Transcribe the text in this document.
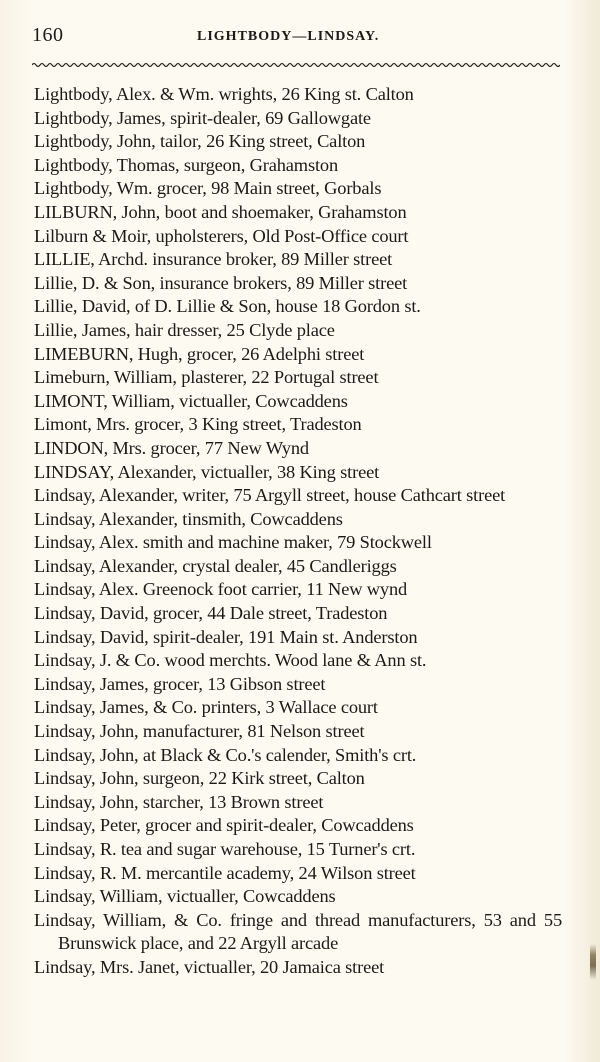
160	LIGHTBODY—LINDSAY.
Lightbody, Alex. & Wm. wrights, 26 King st. Calton
Lightbody, James, spirit-dealer, 69 Gallowgate
Lightbody, John, tailor, 26 King street, Calton
Lightbody, Thomas, surgeon, Grahamston
Lightbody, Wm. grocer, 98 Main street, Gorbals
LILBURN, John, boot and shoemaker, Grahamston
Lilburn & Moir, upholsterers, Old Post-Office court
LILLIE, Archd. insurance broker, 89 Miller street
Lillie, D. & Son, insurance brokers, 89 Miller street
Lillie, David, of D. Lillie & Son, house 18 Gordon st.
Lillie, James, hair dresser, 25 Clyde place
LIMEBURN, Hugh, grocer, 26 Adelphi street
Limeburn, William, plasterer, 22 Portugal street
LIMONT, William, victualler, Cowcaddens
Limont, Mrs. grocer, 3 King street, Tradeston
LINDON, Mrs. grocer, 77 New Wynd
LINDSAY, Alexander, victualler, 38 King street
Lindsay, Alexander, writer, 75 Argyll street, house Cathcart street
Lindsay, Alexander, tinsmith, Cowcaddens
Lindsay, Alex. smith and machine maker, 79 Stockwell
Lindsay, Alexander, crystal dealer, 45 Candleriggs
Lindsay, Alex. Greenock foot carrier, 11 New wynd
Lindsay, David, grocer, 44 Dale street, Tradeston
Lindsay, David, spirit-dealer, 191 Main st. Anderston
Lindsay, J. & Co. wood merchts. Wood lane & Ann st.
Lindsay, James, grocer, 13 Gibson street
Lindsay, James, & Co. printers, 3 Wallace court
Lindsay, John, manufacturer, 81 Nelson street
Lindsay, John, at Black & Co.'s calender, Smith's crt.
Lindsay, John, surgeon, 22 Kirk street, Calton
Lindsay, John, starcher, 13 Brown street
Lindsay, Peter, grocer and spirit-dealer, Cowcaddens
Lindsay, R. tea and sugar warehouse, 15 Turner's crt.
Lindsay, R. M. mercantile academy, 24 Wilson street
Lindsay, William, victualler, Cowcaddens
Lindsay, William, & Co. fringe and thread manufacturers, 53 and 55 Brunswick place, and 22 Argyll arcade
Lindsay, Mrs. Janet, victualler, 20 Jamaica street
